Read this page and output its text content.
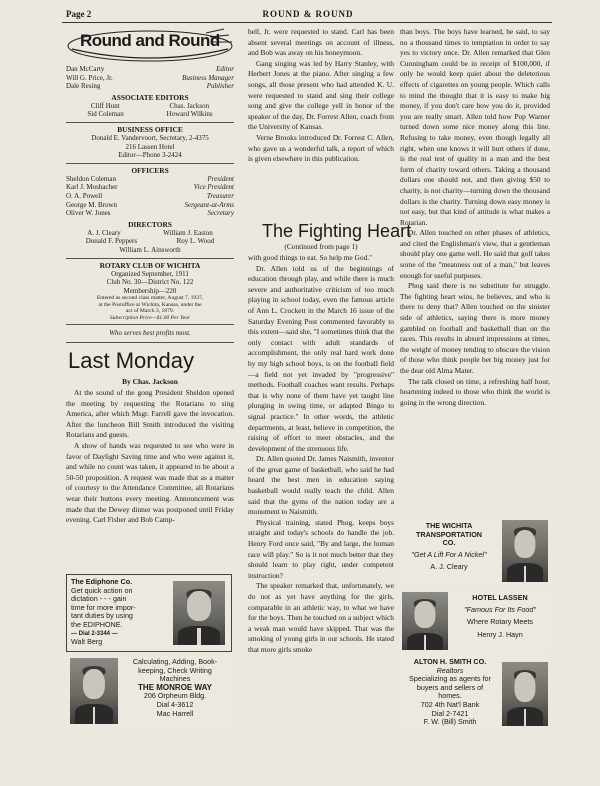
Page 2	ROUND & ROUND
Round and Round
Dan McCarty	Editor
Will G. Price, Jr.	Business Manager
Dale Resing	Publisher
ASSOCIATE EDITORS
Cliff Hunt	Chas. Jackson
Sid Coleman	Howard Wilkins
BUSINESS OFFICE
Donald E. Vandervoort, Secretary, 2-4375
216 Lassen Hotel
Editor—Phone 3-2424
OFFICERS
Sheldon Coleman	President
Karl J. Mosbacher	Vice President
O. A. Powell	Treasurer
George M. Brown	Sergeant-at-Arms
Oliver W. Jones	Secretary
DIRECTORS
A. J. Cleary	William J. Easton
Donald F. Peppers	Roy L. Wood
William L. Ainsworth
ROTARY CLUB OF WICHITA
Organized September, 1911
Club No. 30—District No. 122
Membership—220
Entered as second class matter, August 7, 1937,
at the Postoffice at Wichita, Kansas, under the
act of March 3, 1879.
Subscription Price—$1.00 Per Year
Who serves best profits most.
Last Monday
By Chas. Jackson

At the sound of the gong President Sheldon opened the meeting by requesting the Rotarians to sing America, after which Msgr. Farrell gave the invocation. After the luncheon Bill Smith introduced the visiting Rotarians and guests.

A show of hands was requested to see who were in favor of Daylight Saving time and who were against it, and while no count was taken, it appeared to be about a 50-50 proposition. A request was made that as a matter of courtesy to the Attendance Committee, all Rotarians wear their buttons every meeting. Announcement was made that the Dewey dinner was postponed until Friday evening. Carl Fisher and Bob Camp-

bell, Jr. were requested to stand. Carl has been absent several meetings on account of illness, and Bob was away on his honeymoon.

Gang singing was led by Harry Stanley, with Herbert Jones at the piano. After singing a few songs, all those present who had attended K. U. were requested to stand and sing their college song and give the college yell in honor of the speaker of the day, Dr. Forrest Allen, coach from the University of Kansas.

Verne Brooks introduced Dr. Forrest C. Allen, who gave us a wonderful talk, a report of which is given elsewhere in this publication.

The Fighting Heart
(Continued from page 1)

with good things to eat. So help me God."

Dr. Allen told us of the beginnings of education through play, and while there is much severe and authoritative criticism of too much playing in school today, even the famous article of Ann L. Crockett in the March 16 issue of the Saturday Evening Post commented favorably to this extent—said she, "I sometimes think that the only contact with adult standards of accomplishment, the only real hard work done by my high school boys, is on the football field—a field not yet invaded by "progressive" methods. Football coaches want results. Perhaps that is why none of them have yet taught line plunging in swing time, or adapted Bingo to signal practice." In other words, the athletic departments, at least, believe in competition, the raising of effort to meet obstacles, and the development of the strenuous life.

Dr. Allen quoted Dr. James Naismith, inventor of the great game of basketball, who said he had heard the best men in education saying basketball would really teach the child. Allen said that the gyms of the nation today are a monument to Naismith.

Physical training, stated Phog, keeps boys straight and today's schools do handle the job. Henry Ford once said, "By and large, the human race will play." So is it not much better that they should learn to play right, under competent instruction?

The speaker remarked that, unfortunately, we do not as yet have anything for the girls, comparable in an athletic way, to what we have for the boys. Then he touched on a subject which a weak man would have skipped. That was the smoking of young girls in our schools. He stated that more girls smoke

than boys. The boys have learned, he said, to say no a thousand times to temptation in order to say yes to victory once. Dr. Allen remarked that Glen Cunningham could be in receipt of $100,000, if only he would keep quiet about the deleterious effects of cigarettes on young people. Which calls to mind the thought that it is easy to make big money, if you don't care how you do it, provided you are really smart. Allen told how Pop Warner turned down some nice money along this line. Refusing to take money, even though legally all right, when one knows it will hurt others if done, is the real test of quality in a man and the best form of charity toward others. Taking a thousand dollars one should not, and then giving $50 to charity, is not charity—turning down the thousand dollars is the charity. Turning down easy money is not easy, but that kind of attitude is what makes a Rotarian.

Dr. Allen touched on other phases of athletics, and cited the Englishman's view, that a gentleman should play one game well. He said that golf takes some of the "meanness out of a man," but leaves enough for useful purposes.

Phog said there is no substitute for struggle. The fighting heart wins, he believes, and who is there to deny that? Allen touched on the sinister side of athletics, saying there is more money gambled on football and basketball than on the races. This results in absurd impressions at times, the weight of money tending to obscure the vision of those who think people bet big money just for the dear old Alma Mater.

The talk closed on time, a refreshing half hour, heartening indeed to those who think the world is going in the wrong direction.

The Ediphone Co.
Get quick action on
dictation - - - gain
time for more impor-
tant duties by using
the EDIPHONE.
— Dial 2-3344 —
Walt Berg
Calculating, Adding, Book-
keeping, Check Writing
Machines
THE MONROE WAY
206 Orpheum Bldg.
Dial 4-3612
Mac Harrell
THE WICHITA
TRANSPORTATION
CO.
"Get A Lift For A Nickel"
A. J. Cleary
HOTEL LASSEN
"Famous For Its Food"
Where Rotary Meets
Henry J. Hayn
ALTON H. SMITH CO.
Realtors
Specializing as agents for
buyers and sellers of
homes.
702 4th Nat'l Bank
Dial 2-7421
F. W. (Bill) Smith
